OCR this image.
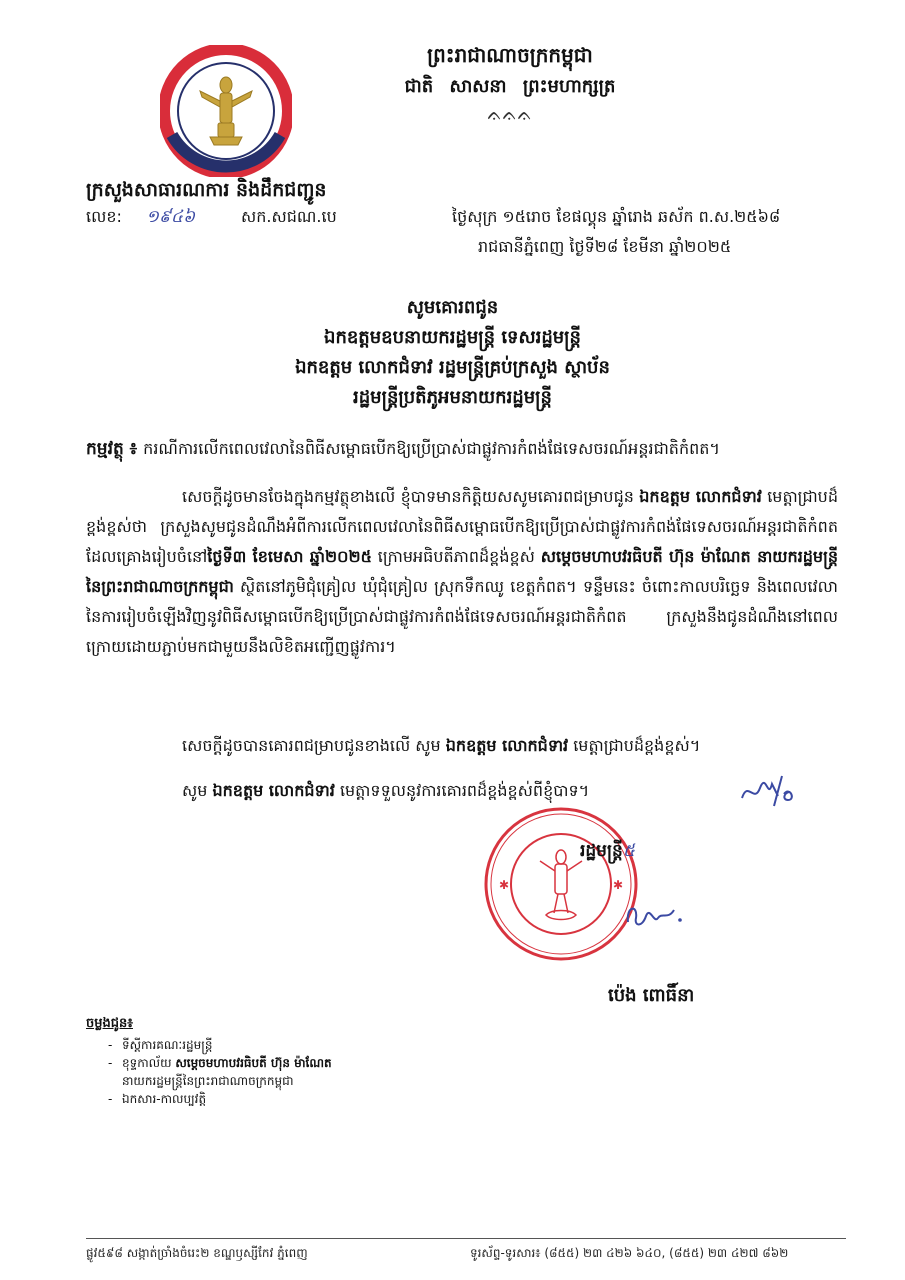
ព្រះរាជាណាចក្រកម្ពុជា
ជាតិ សាសនា ព្រះមហាក្សត្រ
ᨊᨊᨊ
ក្រសួងសាធារណការ និងដឹកជញ្ជូន
លេខ: ១៩៤៦	សក.សជណ.បេ	ថ្ងៃសុក្រ ១៥រោច ខែផល្គុន ឆ្នាំរោង ឆស័ក ព.ស.២៥៦៨
រាជធានីភ្នំពេញ ថ្ងៃទី២៨ ខែមីនា ឆ្នាំ២០២៥
សូមគោរពជូន
ឯកឧត្តមឧបនាយករដ្ឋមន្ត្រី ទេសរដ្ឋមន្ត្រី
ឯកឧត្តម លោកជំទាវ រដ្ឋមន្ត្រីគ្រប់ក្រសួង ស្ថាប័ន
រដ្ឋមន្ត្រីប្រតិភូអមនាយករដ្ឋមន្ត្រី
កម្មវត្ថុ ៖ ករណីការលើកពេលវេលានៃពិធីសម្ពោធបើកឱ្យប្រើប្រាស់ជាផ្លូវការកំពង់ផែទេសចរណ៍អន្តរជាតិកំពត។
សេចក្តីដូចមានចែងក្នុងកម្មវត្ថុខាងលើ ខ្ញុំបាទមានកិត្តិយសសូមគោរពជម្រាបជូន ឯកឧត្តម លោកជំទាវ មេត្តាជ្រាបដ៏ខ្ពង់ខ្ពស់ថា ក្រសួងសូមជូនដំណឹងអំពីការលើកពេលវេលានៃពិធីសម្ពោធបើកឱ្យប្រើប្រាស់ជាផ្លូវការកំពង់ផែទេសចរណ៍អន្តរជាតិកំពត ដែលគ្រោងរៀបចំនៅថ្ងៃទី៣ ខែមេសា ឆ្នាំ២០២៥ ក្រោមអធិបតីភាពដ៏ខ្ពង់ខ្ពស់ សម្តេចមហាបវរធិបតី ហ៊ុន ម៉ាណែត នាយករដ្ឋមន្ត្រីនៃព្រះរាជាណាចក្រកម្ពុជា ស្ថិតនៅភូមិជុំគ្រៀល ឃុំជុំគ្រៀល ស្រុកទឹកឈូ ខេត្តកំពត។ ទន្ទឹមនេះ ចំពោះកាលបរិច្ឆេទ និងពេលវេលានៃការរៀបចំឡើងវិញនូវពិធីសម្ពោធបើកឱ្យប្រើប្រាស់ជាផ្លូវការកំពង់ផែទេសចរណ៍អន្តរជាតិកំពត ក្រសួងនឹងជូនដំណឹងនៅពេលក្រោយដោយភ្ជាប់មកជាមួយនឹងលិខិតអញ្ជើញផ្លូវការ។
សេចក្តីដូចបានគោរពជម្រាបជូនខាងលើ សូម ឯកឧត្តម លោកជំទាវ មេត្តាជ្រាបដ៏ខ្ពង់ខ្ពស់។
សូម ឯកឧត្តម លោកជំទាវ មេត្តាទទួលនូវការគោរពដ៏ខ្ពង់ខ្ពស់ពីខ្ញុំបាទ។
✱	✱
រដ្ឋមន្ត្រី៥
ប៉េង ពោធិ៍នា
ចម្លងជូន៖
- ទីស្តីការគណៈរដ្ឋមន្ត្រី
- ខុទ្ទកាល័យ សម្តេចមហាបវរធិបតី ហ៊ុន ម៉ាណែត
នាយករដ្ឋមន្ត្រីនៃព្រះរាជាណាចក្រកម្ពុជា
- ឯកសារ-កាលប្បវត្តិ
ផ្លូវ៥៩៨ សង្កាត់ច្រាំងចំរេះ២ ខណ្ឌឫស្សីកែវ ភ្នំពេញ	ទូរស័ព្ទ-ទូរសារ៖ (៨៥៥) ២៣ ៤២៦ ៦៤០, (៨៥៥) ២៣ ៤២៧ ៨៦២
